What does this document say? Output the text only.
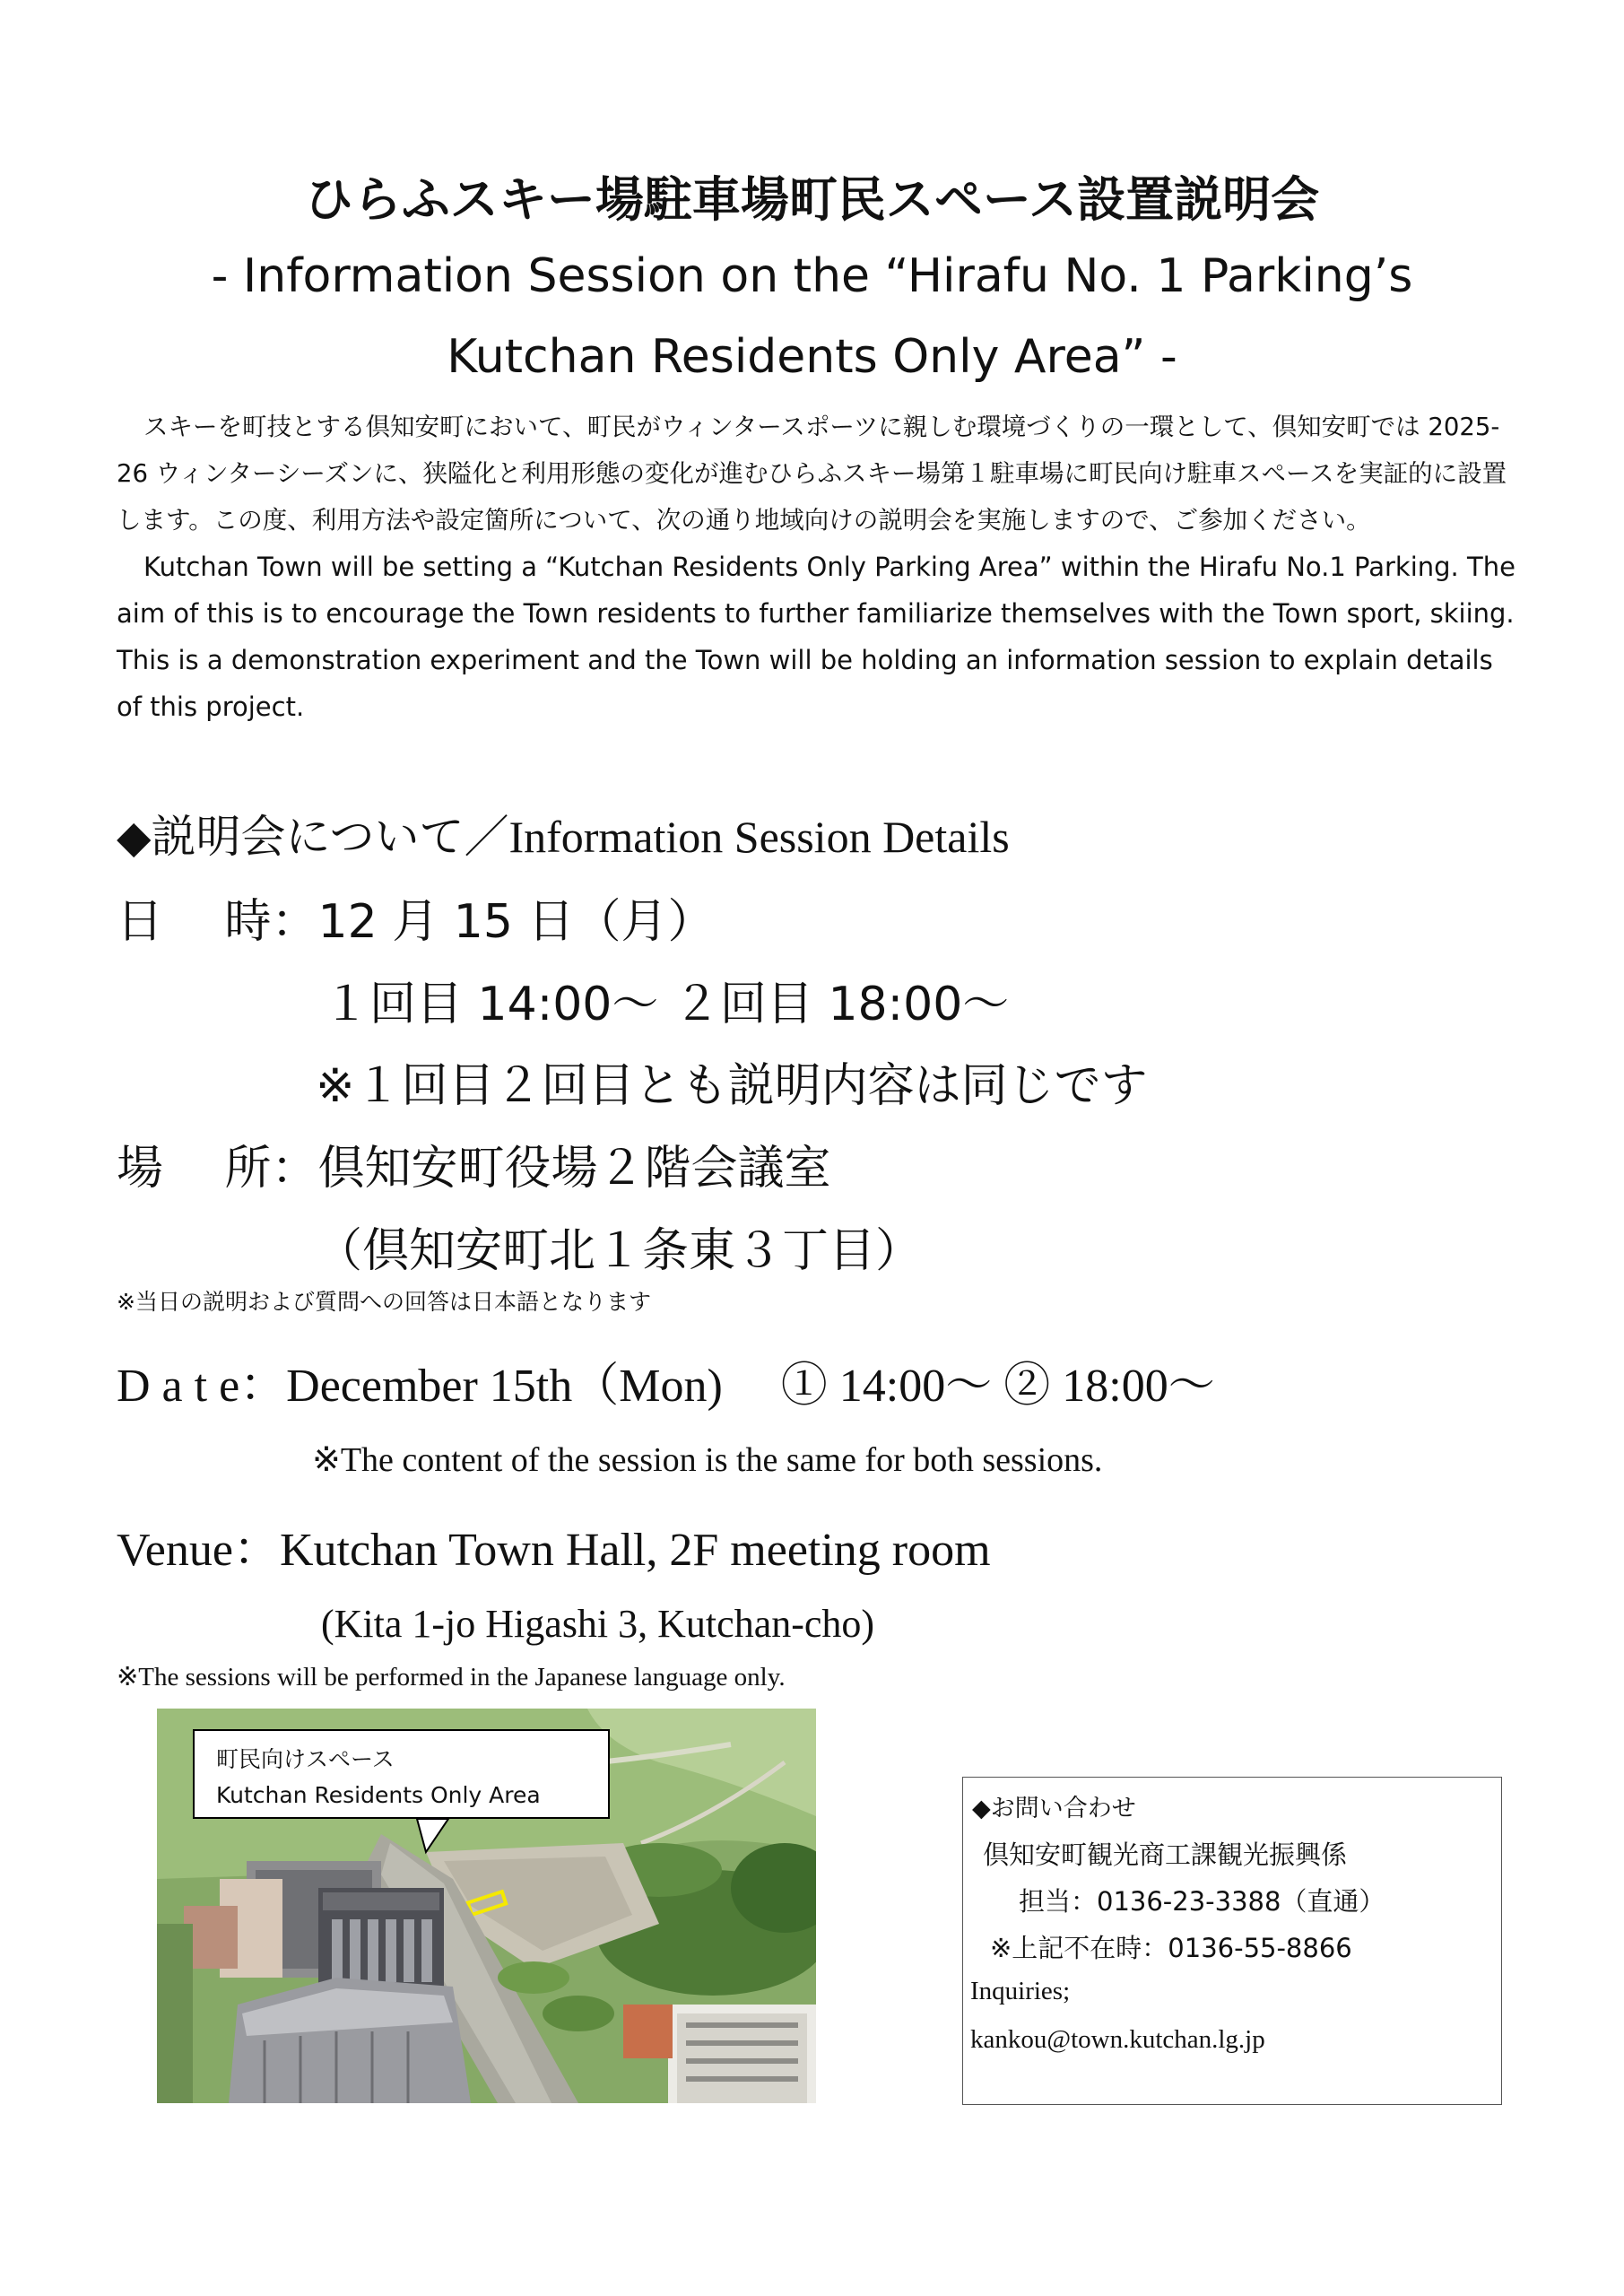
ひらふスキー場駐車場町民スペース設置説明会
- Information Session on the “Hirafu No. 1 Parking’s
Kutchan Residents Only Area” -
スキーを町技とする倶知安町において、町民がウィンタースポーツに親しむ環境づくりの一環として、倶知安町では 2025-26 ウィンターシーズンに、狭隘化と利用形態の変化が進むひらふスキー場第１駐車場に町民向け駐車スペースを実証的に設置します。この度、利用方法や設定箇所について、次の通り地域向けの説明会を実施しますので、ご参加ください。
Kutchan Town will be setting a “Kutchan Residents Only Parking Area” within the Hirafu No.1 Parking. The aim of this is to encourage the Town residents to further familiarize themselves with the Town sport, skiing. This is a demonstration experiment and the Town will be holding an information session to explain details of this project.
◆説明会について／Information Session Details
日　 時：12 月 15 日（月）
１回目 14:00～ ２回目 18:00～
※１回目２回目とも説明内容は同じです
場　 所：倶知安町役場２階会議室
（倶知安町北１条東３丁目）
※当日の説明および質問への回答は日本語となります
D a t e：December 15th（Mon)　 ① 14:00～ ② 18:00～
※The content of the session is the same for both sessions.
Venue：Kutchan Town Hall, 2F meeting room
(Kita 1-jo Higashi 3, Kutchan-cho)
※The sessions will be performed in the Japanese language only.
町民向けスペース
Kutchan Residents Only Area	◆お問い合わせ
倶知安町観光商工課観光振興係
担当：0136-23-3388（直通）
※上記不在時：0136-55-8866
Inquiries;
kankou@town.kutchan.lg.jp
